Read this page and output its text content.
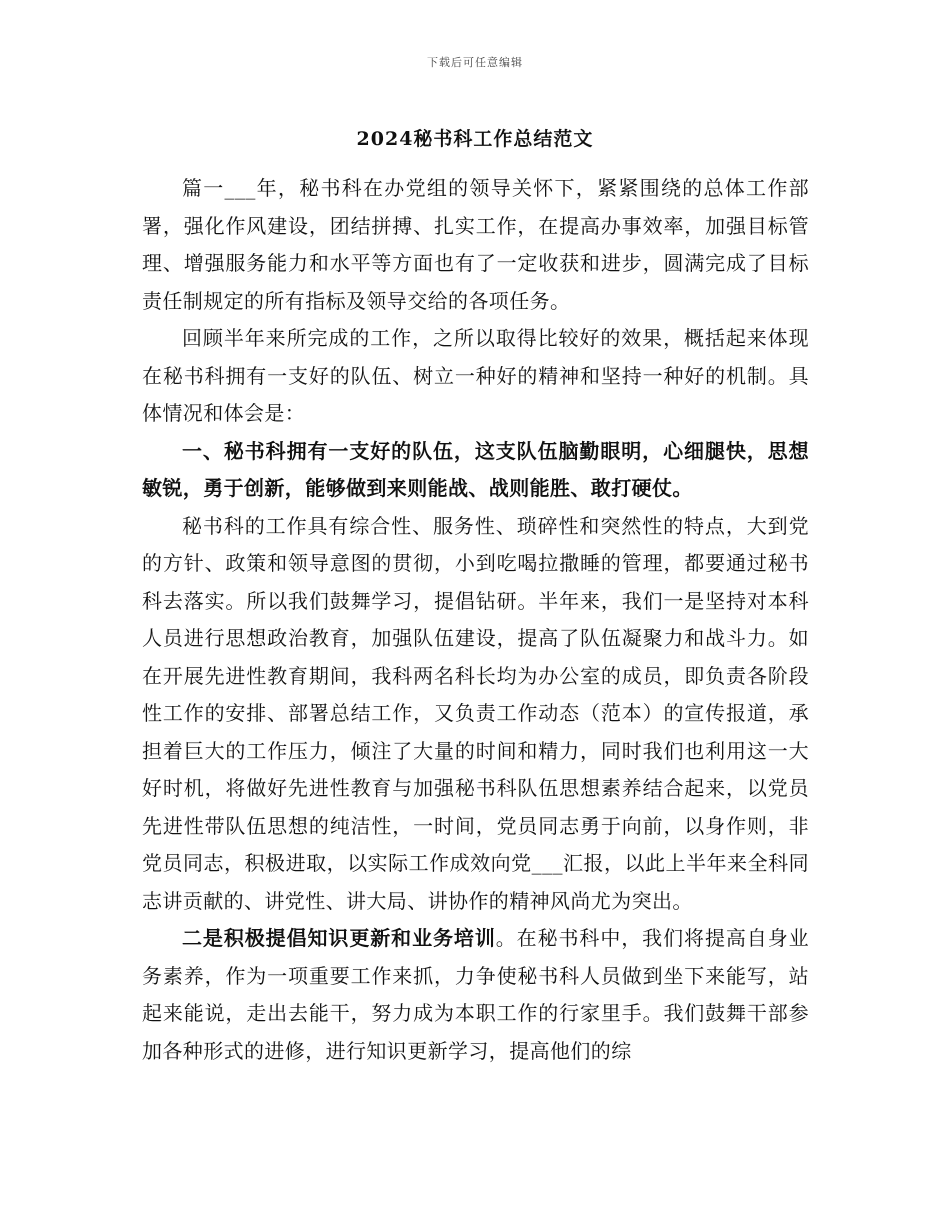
下载后可任意编辑
2024秘书科工作总结范文

篇一___年，秘书科在办党组的领导关怀下，紧紧围绕的总体工作部署，强化作风建设，团结拼搏、扎实工作，在提高办事效率，加强目标管理、增强服务能力和水平等方面也有了一定收获和进步，圆满完成了目标责任制规定的所有指标及领导交给的各项任务。

回顾半年来所完成的工作，之所以取得比较好的效果，概括起来体现在秘书科拥有一支好的队伍、树立一种好的精神和坚持一种好的机制。具体情况和体会是：

一、秘书科拥有一支好的队伍，这支队伍脑勤眼明，心细腿快，思想敏锐，勇于创新，能够做到来则能战、战则能胜、敢打硬仗。

秘书科的工作具有综合性、服务性、琐碎性和突然性的特点，大到党的方针、政策和领导意图的贯彻，小到吃喝拉撒睡的管理，都要通过秘书科去落实。所以我们鼓舞学习，提倡钻研。半年来，我们一是坚持对本科人员进行思想政治教育，加强队伍建设，提高了队伍凝聚力和战斗力。如在开展先进性教育期间，我科两名科长均为办公室的成员，即负责各阶段性工作的安排、部署总结工作，又负责工作动态（范本）的宣传报道，承担着巨大的工作压力，倾注了大量的时间和精力，同时我们也利用这一大好时机，将做好先进性教育与加强秘书科队伍思想素养结合起来，以党员先进性带队伍思想的纯洁性，一时间，党员同志勇于向前，以身作则，非党员同志，积极进取，以实际工作成效向党___汇报，以此上半年来全科同志讲贡献的、讲党性、讲大局、讲协作的精神风尚尤为突出。

二是积极提倡知识更新和业务培训。在秘书科中，我们将提高自身业务素养，作为一项重要工作来抓，力争使秘书科人员做到坐下来能写，站起来能说，走出去能干，努力成为本职工作的行家里手。我们鼓舞干部参加各种形式的进修，进行知识更新学习，提高他们的综
